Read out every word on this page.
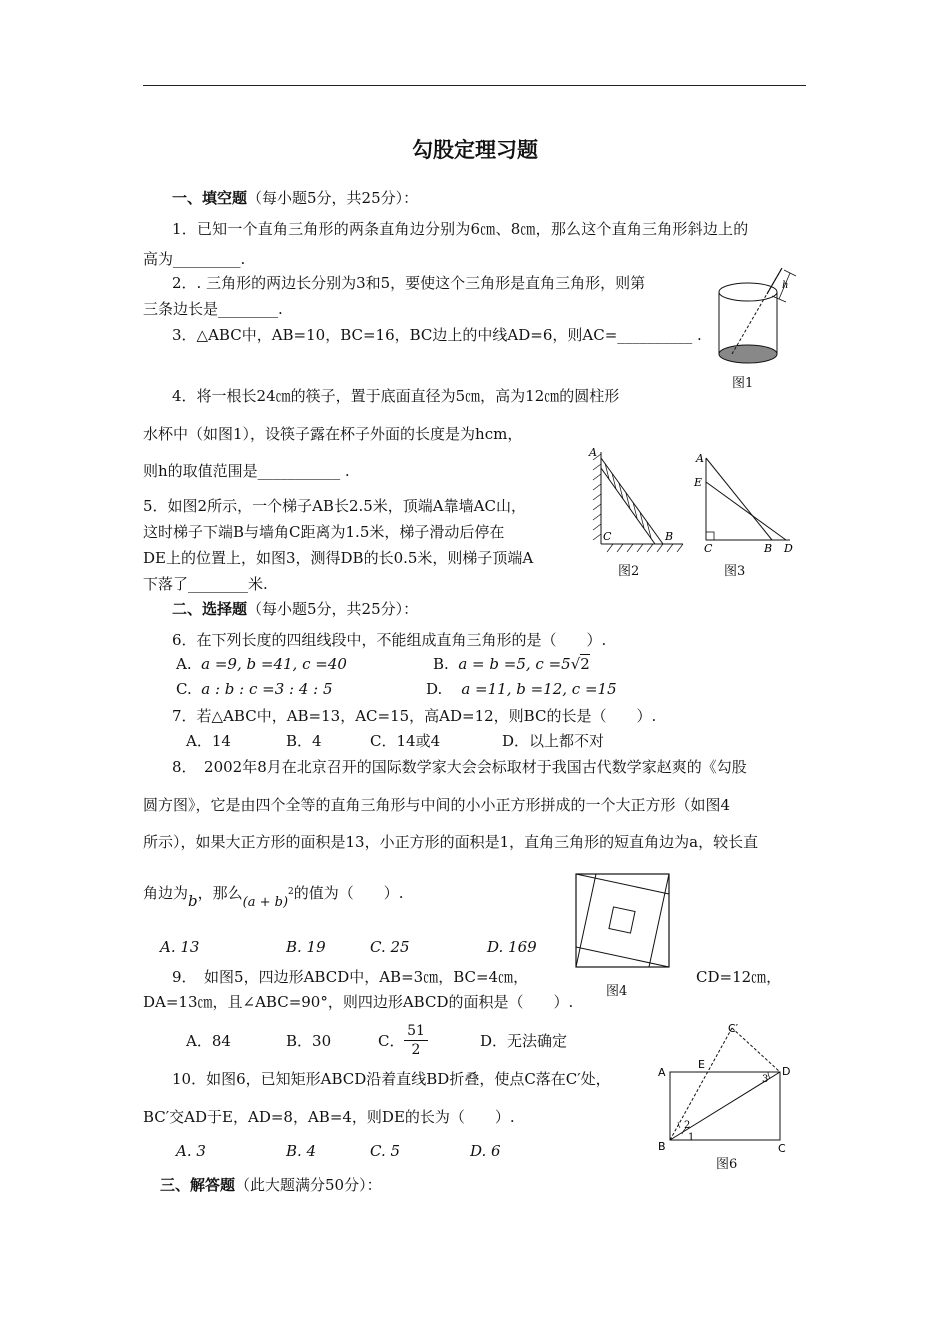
勾股定理习题
一、填空题（每小题5分，共25分）：
1．已知一个直角三角形的两条直角边分别为6㎝、8㎝，那么这个直角三角形斜边上的
高为_________.
2．. 三角形的两边长分别为3和5，要使这个三角形是直角三角形，则第
三条边长是________.
3．△ABC中，AB=10，BC=16，BC边上的中线AD=6，则AC=__________ .
4．将一根长24㎝的筷子，置于底面直径为5㎝，高为12㎝的圆柱形
水杯中（如图1），设筷子露在杯子外面的长度是为hcm，
则h的取值范围是___________ .
5．如图2所示，一个梯子AB长2.5米，顶端A靠墙AC山，
这时梯子下端B与墙角C距离为1.5米，梯子滑动后停在
DE上的位置上，如图3，测得DB的长0.5米，则梯子顶端A
下落了________米.
二、选择题（每小题5分，共25分）：
6．在下列长度的四组线段中，不能组成直角三角形的是（　　）.
A. a =9, b =41, c =40	B. a = b =5, c =5√2
C. a : b : c =3 : 4 : 5	D. a =11, b =12, c =15
7．若△ABC中，AB=13，AC=15，高AD=12，则BC的长是（　　）.
A．14	B．4	C．14或4	D．以上都不对
8．　2002年8月在北京召开的国际数学家大会会标取材于我国古代数学家赵爽的《勾股
圆方图》，它是由四个全等的直角三角形与中间的小小正方形拼成的一个大正方形（如图4
所示），如果大正方形的面积是13，小正方形的面积是1，直角三角形的短直角边为a，较长直
角边为b，那么$(a + b)^2$的值为（　　）.
A. 13	B. 19	C. 25	D. 169
9．　如图5，四边形ABCD中，AB=3㎝，BC=4㎝，	CD=12㎝，
DA=13㎝，且∠ABC=90°，则四边形ABCD的面积是（　　）.
A．84	B．30	C． $\frac{51}{2}$	D．无法确定
10．如图6，已知矩形ABCD沿着直线BD折叠，使点C落在C′处，
BC′交AD于E，AD=8，AB=4，则DE的长为（　　）.
A. 3	B. 4	C. 5	D. 6
三、解答题（此大题满分50分）：
h
图1
A
C	B
图2
A
E
C	B D
图3
图4
A
B	C
D
E
C′
1
2
3
图6
